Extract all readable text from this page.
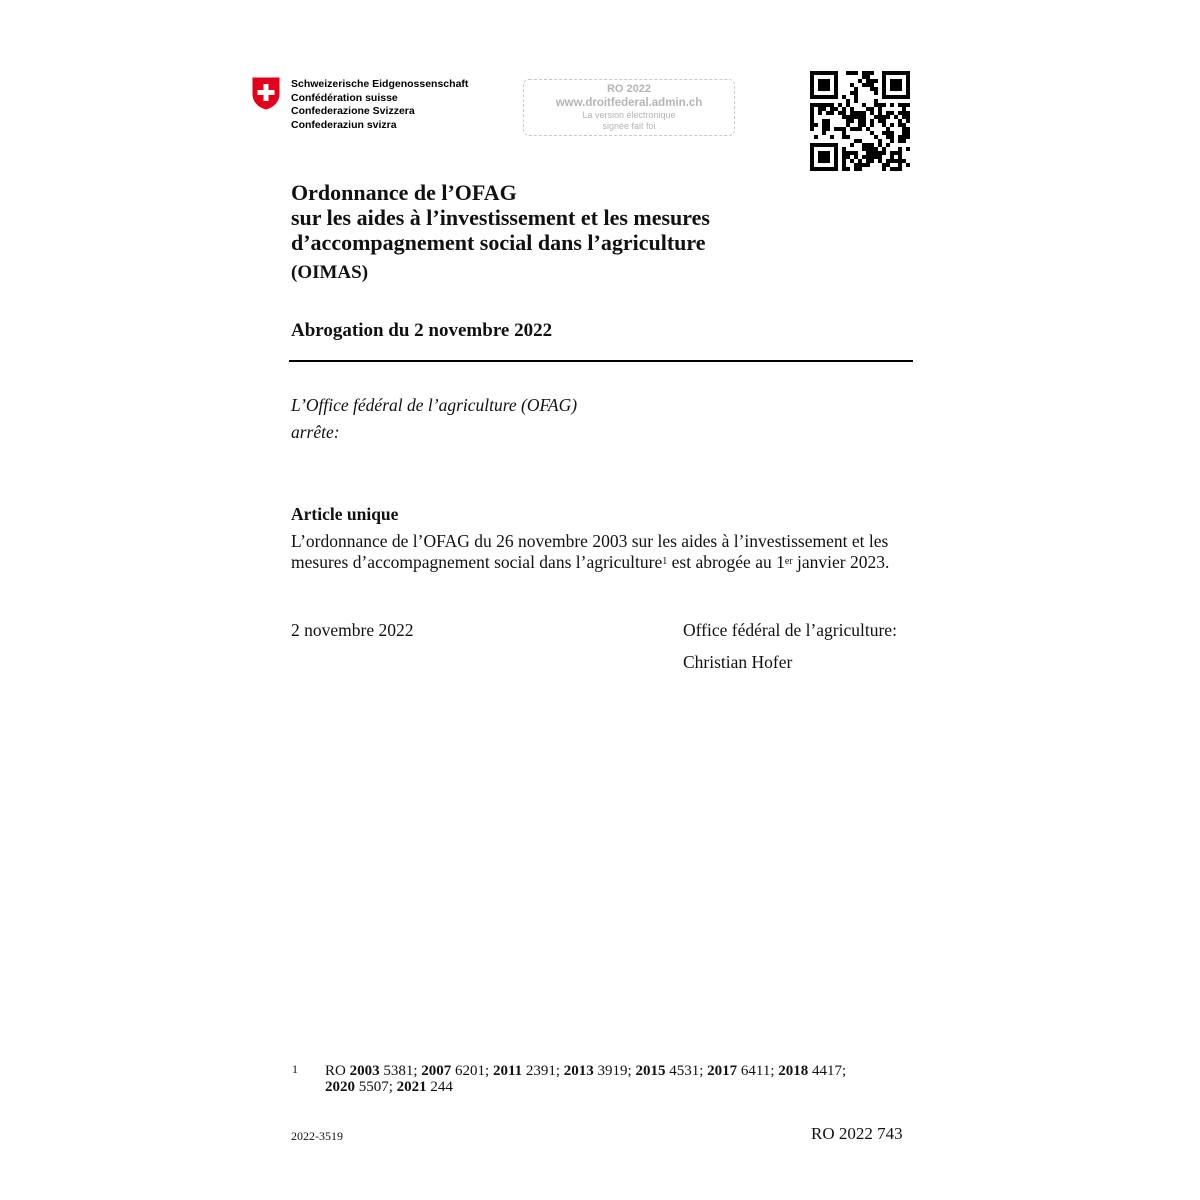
Schweizerische Eidgenossenschaft
Confédération suisse
Confederazione Svizzera
Confederaziun svizra
RO 2022
www.droitfederal.admin.ch
La version électronique
signée fait foi
Ordonnance de l’OFAG
sur les aides à l’investissement et les mesures
d’accompagnement social dans l’agriculture
(OIMAS)
Abrogation du 2 novembre 2022
L’Office fédéral de l’agriculture (OFAG)
arrête:
Article unique
L’ordonnance de l’OFAG du 26 novembre 2003 sur les aides à l’investissement et les
mesures d’accompagnement social dans l’agriculture$^1$ est abrogée au 1er janvier 2023.
2 novembre 2022	Office fédéral de l’agriculture:
Christian Hofer
1 RO 2003 5381; 2007 6201; 2011 2391; 2013 3919; 2015 4531; 2017 6411; 2018 4417;
2020 5507; 2021 244
2022-3519	RO 2022 743
